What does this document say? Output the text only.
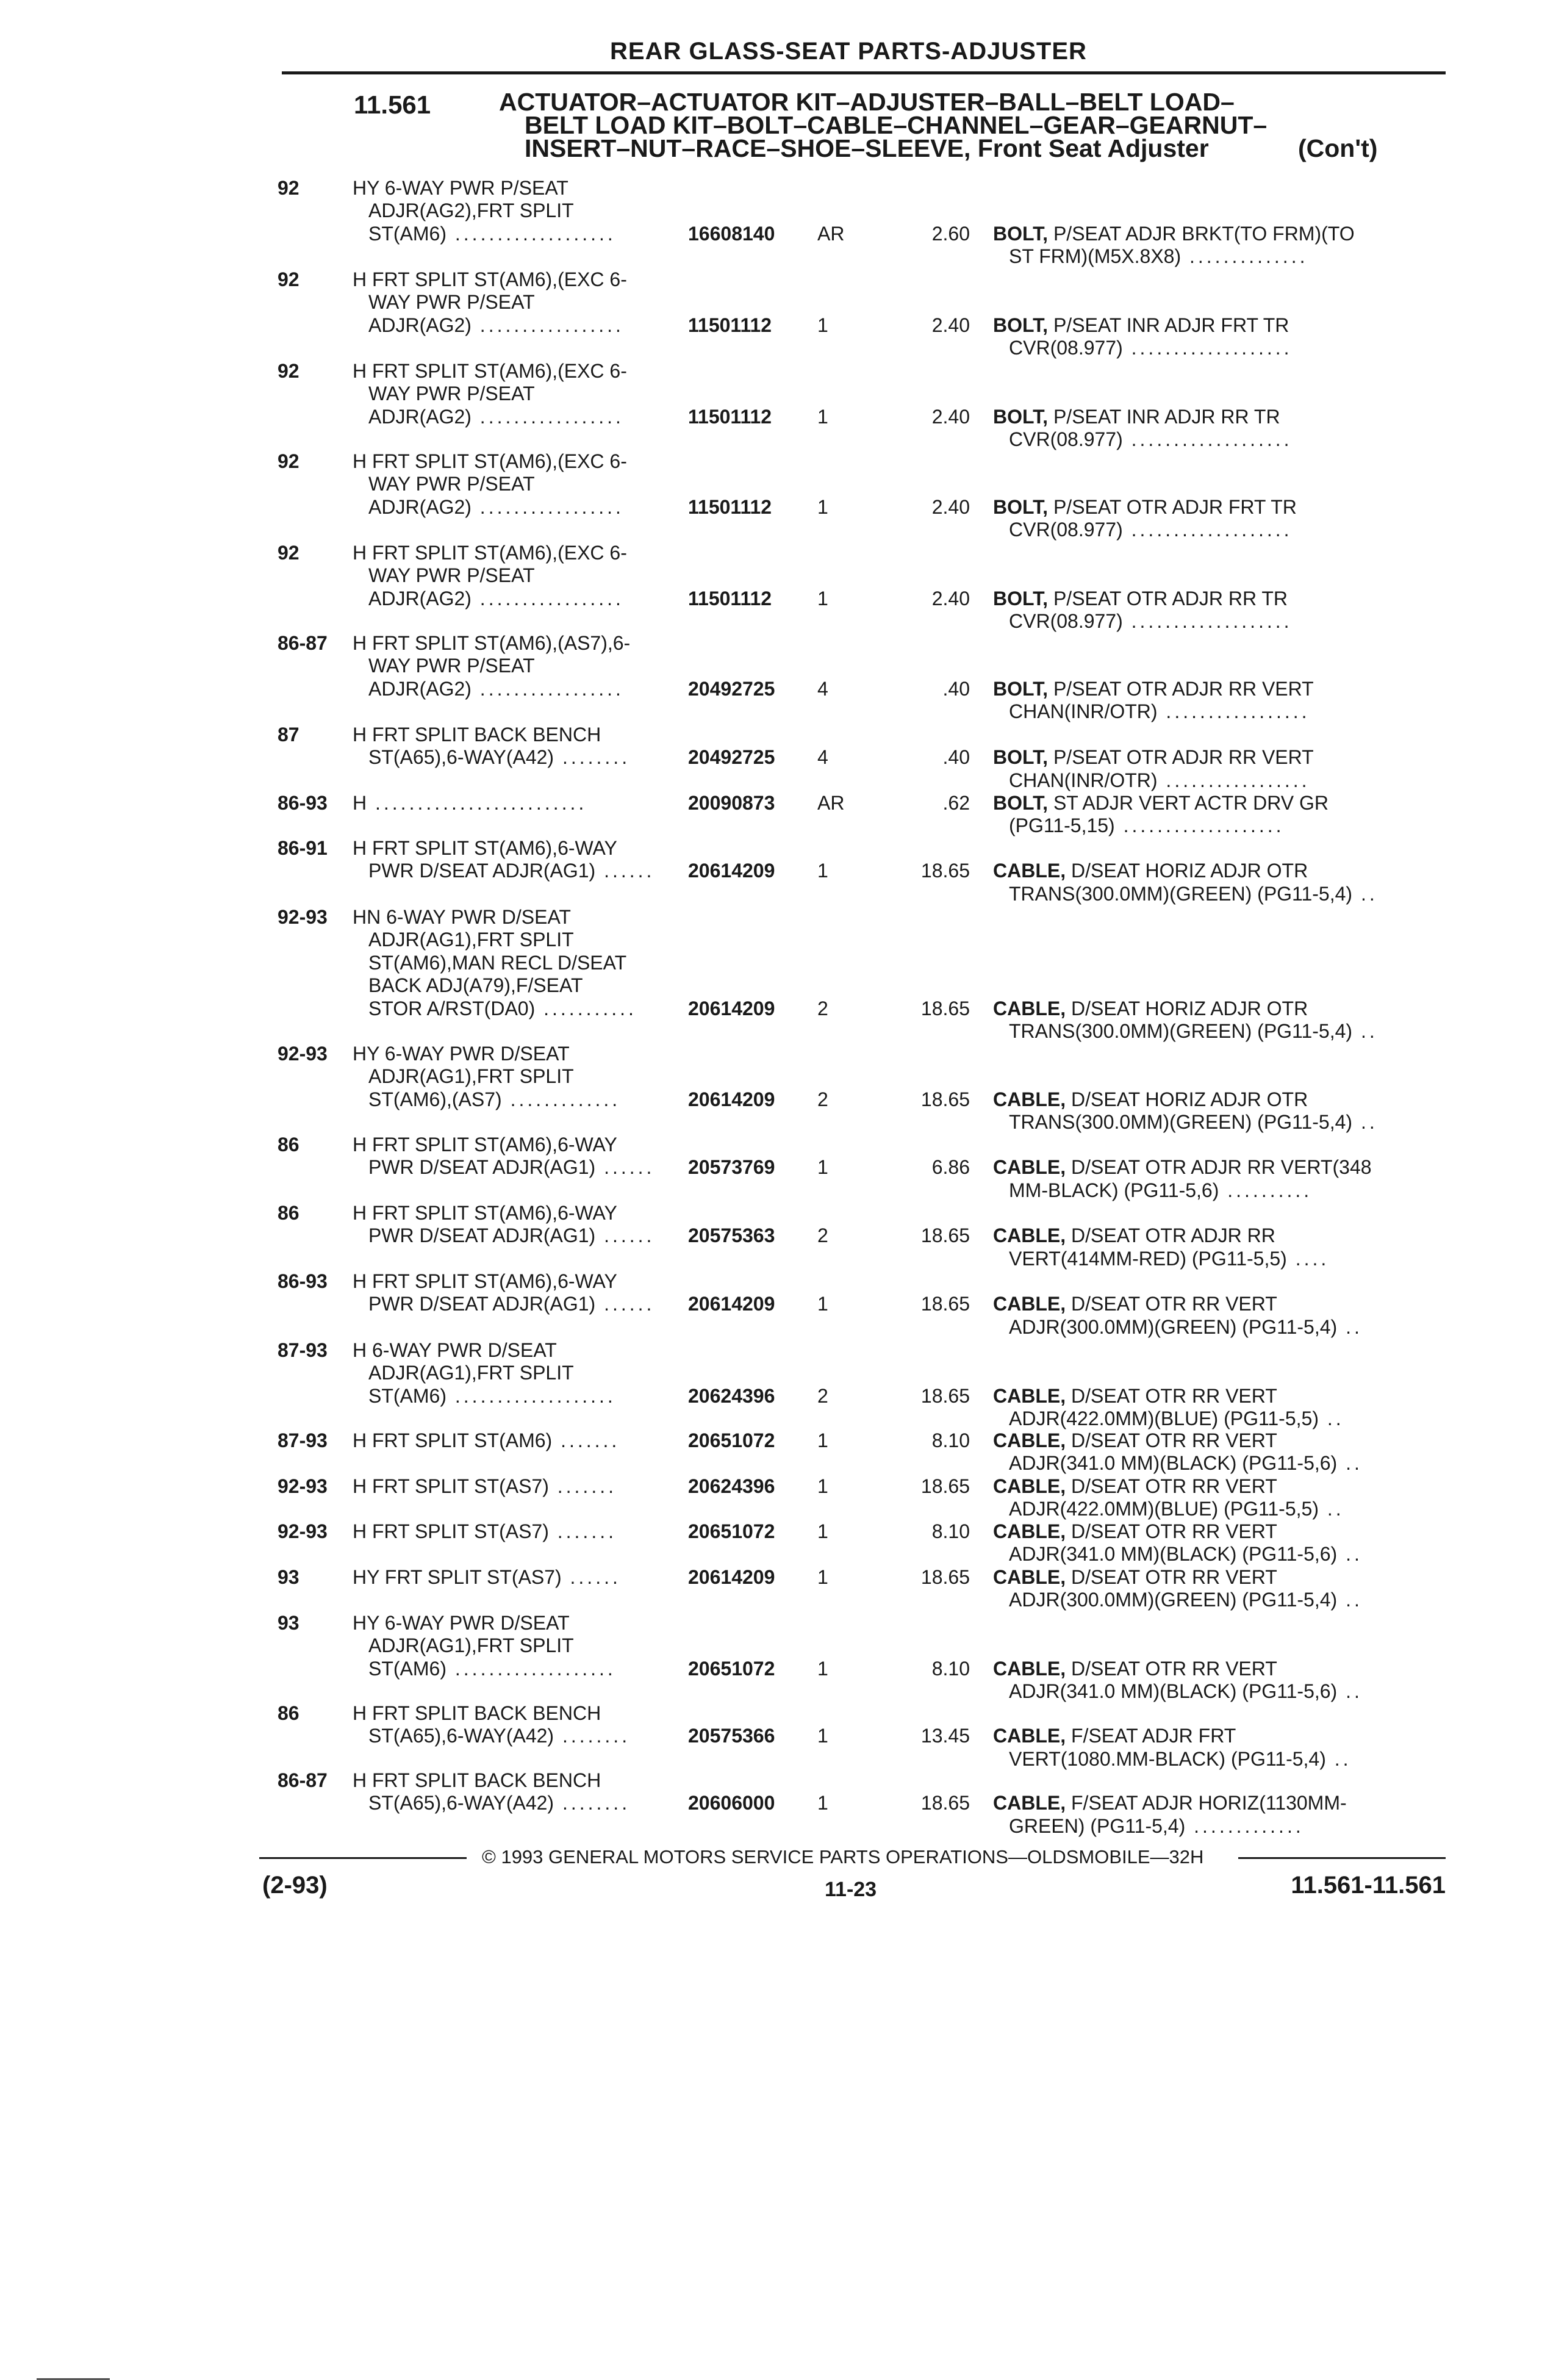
REAR GLASS-SEAT PARTS-ADJUSTER
11.561	ACTUATOR–ACTUATOR KIT–ADJUSTER–BALL–BELT LOAD–
BELT LOAD KIT–BOLT–CABLE–CHANNEL–GEAR–GEARNUT–
INSERT–NUT–RACE–SHOE–SLEEVE, Front Seat Adjuster	(Con't)
92	HY 6-WAY PWR P/SEAT
ADJR(AG2),FRT SPLIT
ST(AM6) ...................	16608140 AR	2.60 BOLT, P/SEAT ADJR BRKT(TO FRM)(TO
ST FRM)(M5X.8X8) ..............
92	H FRT SPLIT ST(AM6),(EXC 6-
WAY PWR P/SEAT
ADJR(AG2) .................	11501112 1	2.40 BOLT, P/SEAT INR ADJR FRT TR
CVR(08.977) ...................
92	H FRT SPLIT ST(AM6),(EXC 6-
WAY PWR P/SEAT
ADJR(AG2) .................	11501112 1	2.40 BOLT, P/SEAT INR ADJR RR TR
CVR(08.977) ...................
92	H FRT SPLIT ST(AM6),(EXC 6-
WAY PWR P/SEAT
ADJR(AG2) .................	11501112 1	2.40 BOLT, P/SEAT OTR ADJR FRT TR
CVR(08.977) ...................
92	H FRT SPLIT ST(AM6),(EXC 6-
WAY PWR P/SEAT
ADJR(AG2) .................	11501112 1	2.40 BOLT, P/SEAT OTR ADJR RR TR
CVR(08.977) ...................
86-87 H FRT SPLIT ST(AM6),(AS7),6-
WAY PWR P/SEAT
ADJR(AG2) .................	20492725 4	.40 BOLT, P/SEAT OTR ADJR RR VERT
CHAN(INR/OTR) .................
87	H FRT SPLIT BACK BENCH
ST(A65),6-WAY(A42) ........	20492725 4	.40 BOLT, P/SEAT OTR ADJR RR VERT
CHAN(INR/OTR) .................
86-93 H .........................	20090873 AR	.62 BOLT, ST ADJR VERT ACTR DRV GR
(PG11-5,15) ...................
86-91 H FRT SPLIT ST(AM6),6-WAY
PWR D/SEAT ADJR(AG1) ......	20614209 1	18.65 CABLE, D/SEAT HORIZ ADJR OTR
TRANS(300.0MM)(GREEN) (PG11-5,4) ..
92-93 HN 6-WAY PWR D/SEAT
ADJR(AG1),FRT SPLIT
ST(AM6),MAN RECL D/SEAT
BACK ADJ(A79),F/SEAT
STOR A/RST(DA0) ...........	20614209 2	18.65 CABLE, D/SEAT HORIZ ADJR OTR
TRANS(300.0MM)(GREEN) (PG11-5,4) ..
92-93 HY 6-WAY PWR D/SEAT
ADJR(AG1),FRT SPLIT
ST(AM6),(AS7) .............	20614209 2	18.65 CABLE, D/SEAT HORIZ ADJR OTR
TRANS(300.0MM)(GREEN) (PG11-5,4) ..
86	H FRT SPLIT ST(AM6),6-WAY
PWR D/SEAT ADJR(AG1) ......	20573769 1	6.86 CABLE, D/SEAT OTR ADJR RR VERT(348
MM-BLACK) (PG11-5,6) ..........
86	H FRT SPLIT ST(AM6),6-WAY
PWR D/SEAT ADJR(AG1) ......	20575363 2	18.65 CABLE, D/SEAT OTR ADJR RR
VERT(414MM-RED) (PG11-5,5) ....
86-93 H FRT SPLIT ST(AM6),6-WAY
PWR D/SEAT ADJR(AG1) ......	20614209 1	18.65 CABLE, D/SEAT OTR RR VERT
ADJR(300.0MM)(GREEN) (PG11-5,4) ..
87-93 H 6-WAY PWR D/SEAT
ADJR(AG1),FRT SPLIT
ST(AM6) ...................	20624396 2	18.65 CABLE, D/SEAT OTR RR VERT
ADJR(422.0MM)(BLUE) (PG11-5,5) ..
87-93 H FRT SPLIT ST(AM6) .......	20651072 1	8.10 CABLE, D/SEAT OTR RR VERT
ADJR(341.0 MM)(BLACK) (PG11-5,6) ..
92-93 H FRT SPLIT ST(AS7) .......	20624396 1	18.65 CABLE, D/SEAT OTR RR VERT
ADJR(422.0MM)(BLUE) (PG11-5,5) ..
92-93 H FRT SPLIT ST(AS7) .......	20651072 1	8.10 CABLE, D/SEAT OTR RR VERT
ADJR(341.0 MM)(BLACK) (PG11-5,6) ..
93	HY FRT SPLIT ST(AS7) ......	20614209 1	18.65 CABLE, D/SEAT OTR RR VERT
ADJR(300.0MM)(GREEN) (PG11-5,4) ..
93	HY 6-WAY PWR D/SEAT
ADJR(AG1),FRT SPLIT
ST(AM6) ...................	20651072 1	8.10 CABLE, D/SEAT OTR RR VERT
ADJR(341.0 MM)(BLACK) (PG11-5,6) ..
86	H FRT SPLIT BACK BENCH
ST(A65),6-WAY(A42) ........	20575366 1	13.45 CABLE, F/SEAT ADJR FRT
VERT(1080.MM-BLACK) (PG11-5,4) ..
86-87 H FRT SPLIT BACK BENCH
ST(A65),6-WAY(A42) ........	20606000 1	18.65 CABLE, F/SEAT ADJR HORIZ(1130MM-
GREEN) (PG11-5,4) .............
© 1993 GENERAL MOTORS SERVICE PARTS OPERATIONS—OLDSMOBILE—32H
(2-93)	11-23	11.561-11.561
